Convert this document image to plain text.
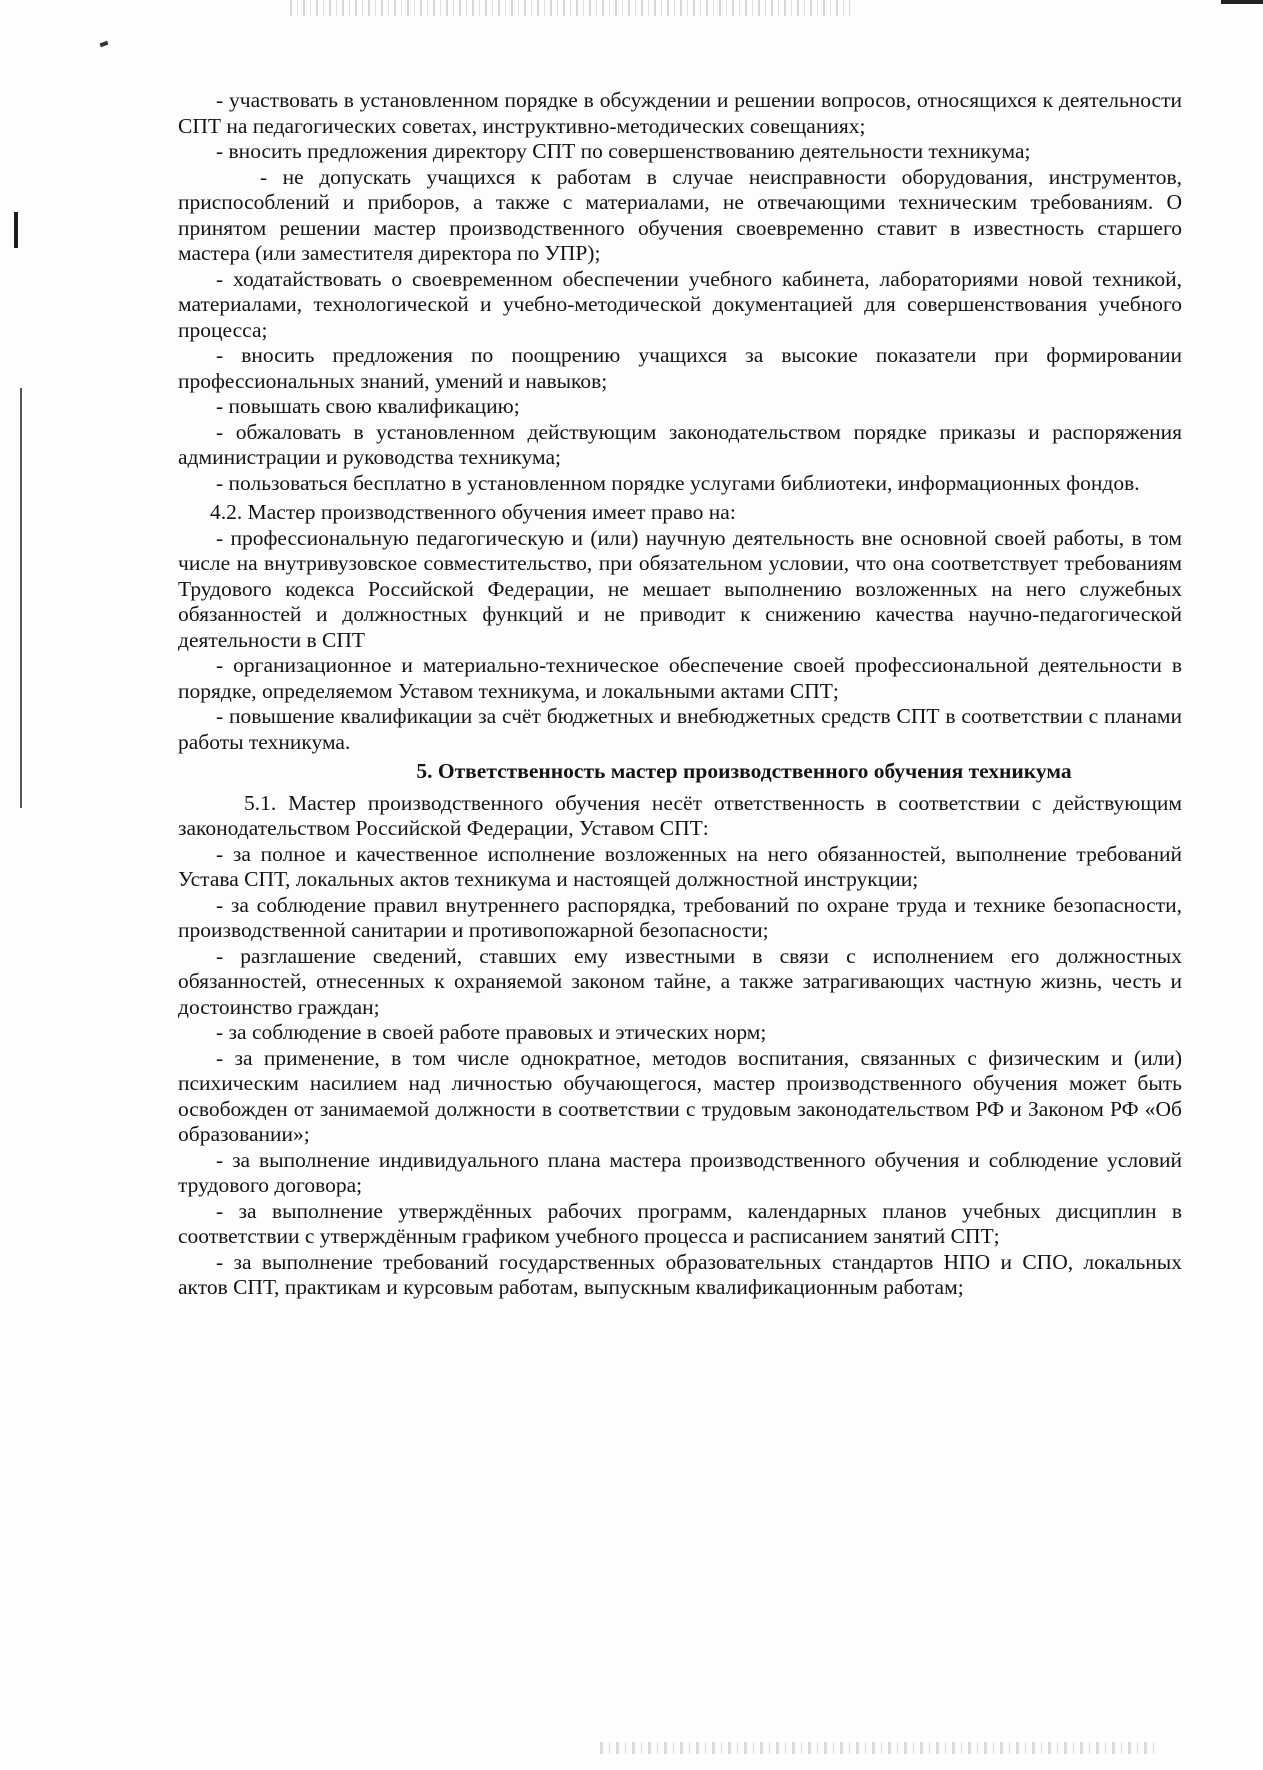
- участвовать в установленном порядке в обсуждении и решении вопросов, относящихся к деятельности СПТ на педагогических советах, инструктивно-методических совещаниях;

- вносить предложения директору СПТ по совершенствованию деятельности техникума;

- не допускать учащихся к работам в случае неисправности оборудования, инструментов, приспособлений и приборов, а также с материалами, не отвечающими техническим требованиям. О принятом решении мастер производственного обучения своевременно ставит в известность старшего мастера (или заместителя директора по УПР);

- ходатайствовать о своевременном обеспечении учебного кабинета, лабораториями новой техникой, материалами, технологической и учебно-методической документацией для совершенствования учебного процесса;

- вносить предложения по поощрению учащихся за высокие показатели при формировании профессиональных знаний, умений и навыков;

- повышать свою квалификацию;

- обжаловать в установленном действующим законодательством порядке приказы и распоряжения администрации и руководства техникума;

- пользоваться бесплатно в установленном порядке услугами библиотеки, информационных фондов.

4.2. Мастер производственного обучения имеет право на:

- профессиональную педагогическую и (или) научную деятельность вне основной своей работы, в том числе на внутривузовское совместительство, при обязательном условии, что она соответствует требованиям Трудового кодекса Российской Федерации, не мешает выполнению возложенных на него служебных обязанностей и должностных функций и не приводит к снижению качества научно-педагогической деятельности в СПТ

- организационное и материально-техническое обеспечение своей профессиональной деятельности в порядке, определяемом Уставом техникума, и локальными актами СПТ;

- повышение квалификации за счёт бюджетных и внебюджетных средств СПТ в соответствии с планами работы техникума.

5. Ответственность мастер производственного обучения техникума

5.1. Мастер производственного обучения несёт ответственность в соответствии с действующим законодательством Российской Федерации, Уставом СПТ:

- за полное и качественное исполнение возложенных на него обязанностей, выполнение требований Устава СПТ, локальных актов техникума и настоящей должностной инструкции;

- за соблюдение правил внутреннего распорядка, требований по охране труда и технике безопасности, производственной санитарии и противопожарной безопасности;

- разглашение сведений, ставших ему известными в связи с исполнением его должностных обязанностей, отнесенных к охраняемой законом тайне, а также затрагивающих частную жизнь, честь и достоинство граждан;

- за соблюдение в своей работе правовых и этических норм;

- за применение, в том числе однократное, методов воспитания, связанных с физическим и (или) психическим насилием над личностью обучающегося, мастер производственного обучения может быть освобожден от занимаемой должности в соответствии с трудовым законодательством РФ и Законом РФ «Об образовании»;

- за выполнение индивидуального плана мастера производственного обучения и соблюдение условий трудового договора;

- за выполнение утверждённых рабочих программ, календарных планов учебных дисциплин в соответствии с утверждённым графиком учебного процесса и расписанием занятий СПТ;

- за выполнение требований государственных образовательных стандартов НПО и СПО, локальных актов СПТ, практикам и курсовым работам, выпускным квалификационным работам;
